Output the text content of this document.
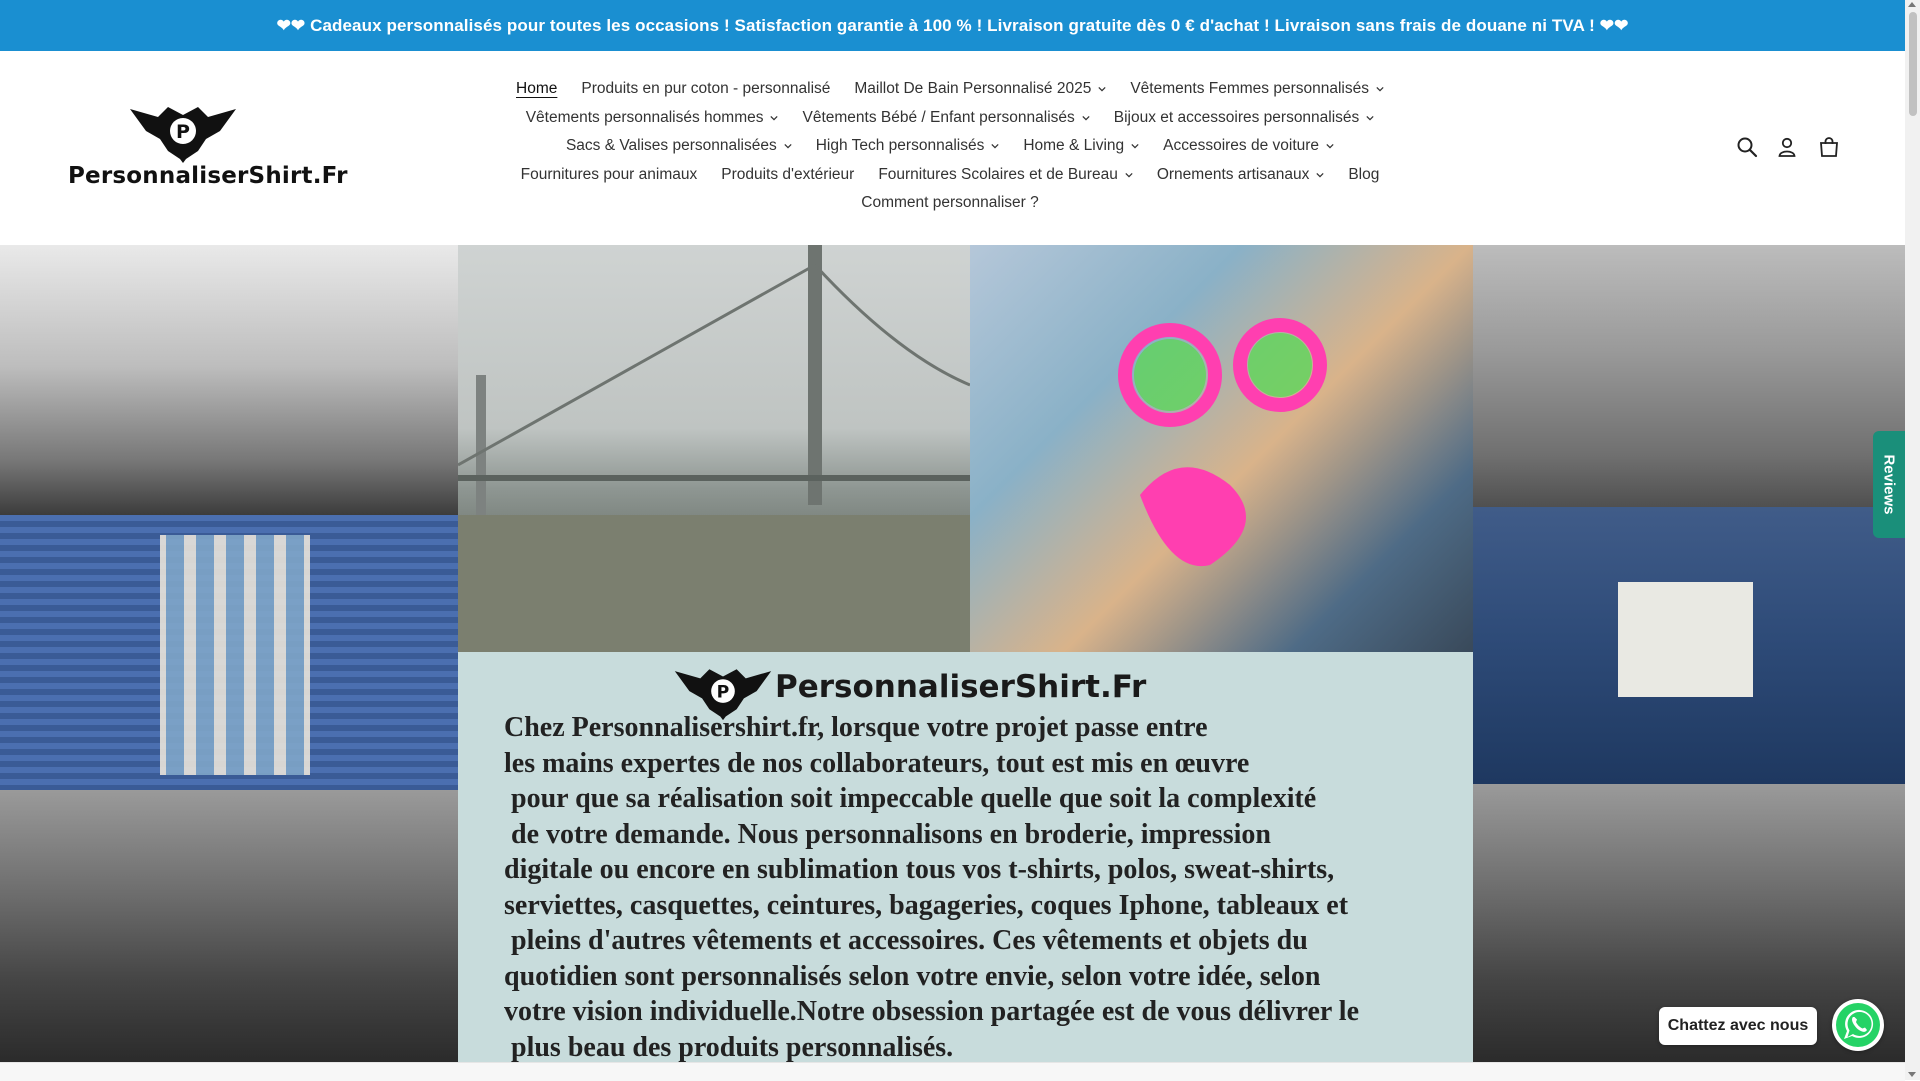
❤❤ Cadeaux personnalisés pour toutes les occasions ! Satisfaction garantie à 100 % ! Livraison gratuite dès 0 € d'achat ! Livraison sans frais de douane ni TVA ! ❤❤
P
PersonnaliserShirt.Fr
Home Produits en pur coton - personnalisé Maillot De Bain Personnalisé 2025	Vêtements Femmes personnalisés
Vêtements personnalisés hommes	Vêtements Bébé / Enfant personnalisés	Bijoux et accessoires personnalisés
Sacs & Valises personnalisées	High Tech personnalisés	Home & Living	Accessoires de voiture
Fournitures pour animaux Produits d'extérieur Fournitures Scolaires et de Bureau	Ornements artisanaux	Blog
Comment personnaliser ?
P PersonnaliserShirt.Fr
Chez Personnalisershirt.fr, lorsque votre projet passe entre
les mains expertes de nos collaborateurs, tout est mis en œuvre
pour que sa réalisation soit impeccable quelle que soit la complexité
de votre demande. Nous personnalisons en broderie, impression
digitale ou encore en sublimation tous vos t-shirts, polos, sweat-shirts,
serviettes, casquettes, ceintures, bagageries, coques Iphone, tableaux et
pleins d'autres vêtements et accessoires. Ces vêtements et objets du
quotidien sont personnalisés selon votre envie, selon votre idée, selon
votre vision individuelle.Notre obsession partagée est de vous délivrer le
plus beau des produits personnalisés.
Reviews
Chattez avec nous
